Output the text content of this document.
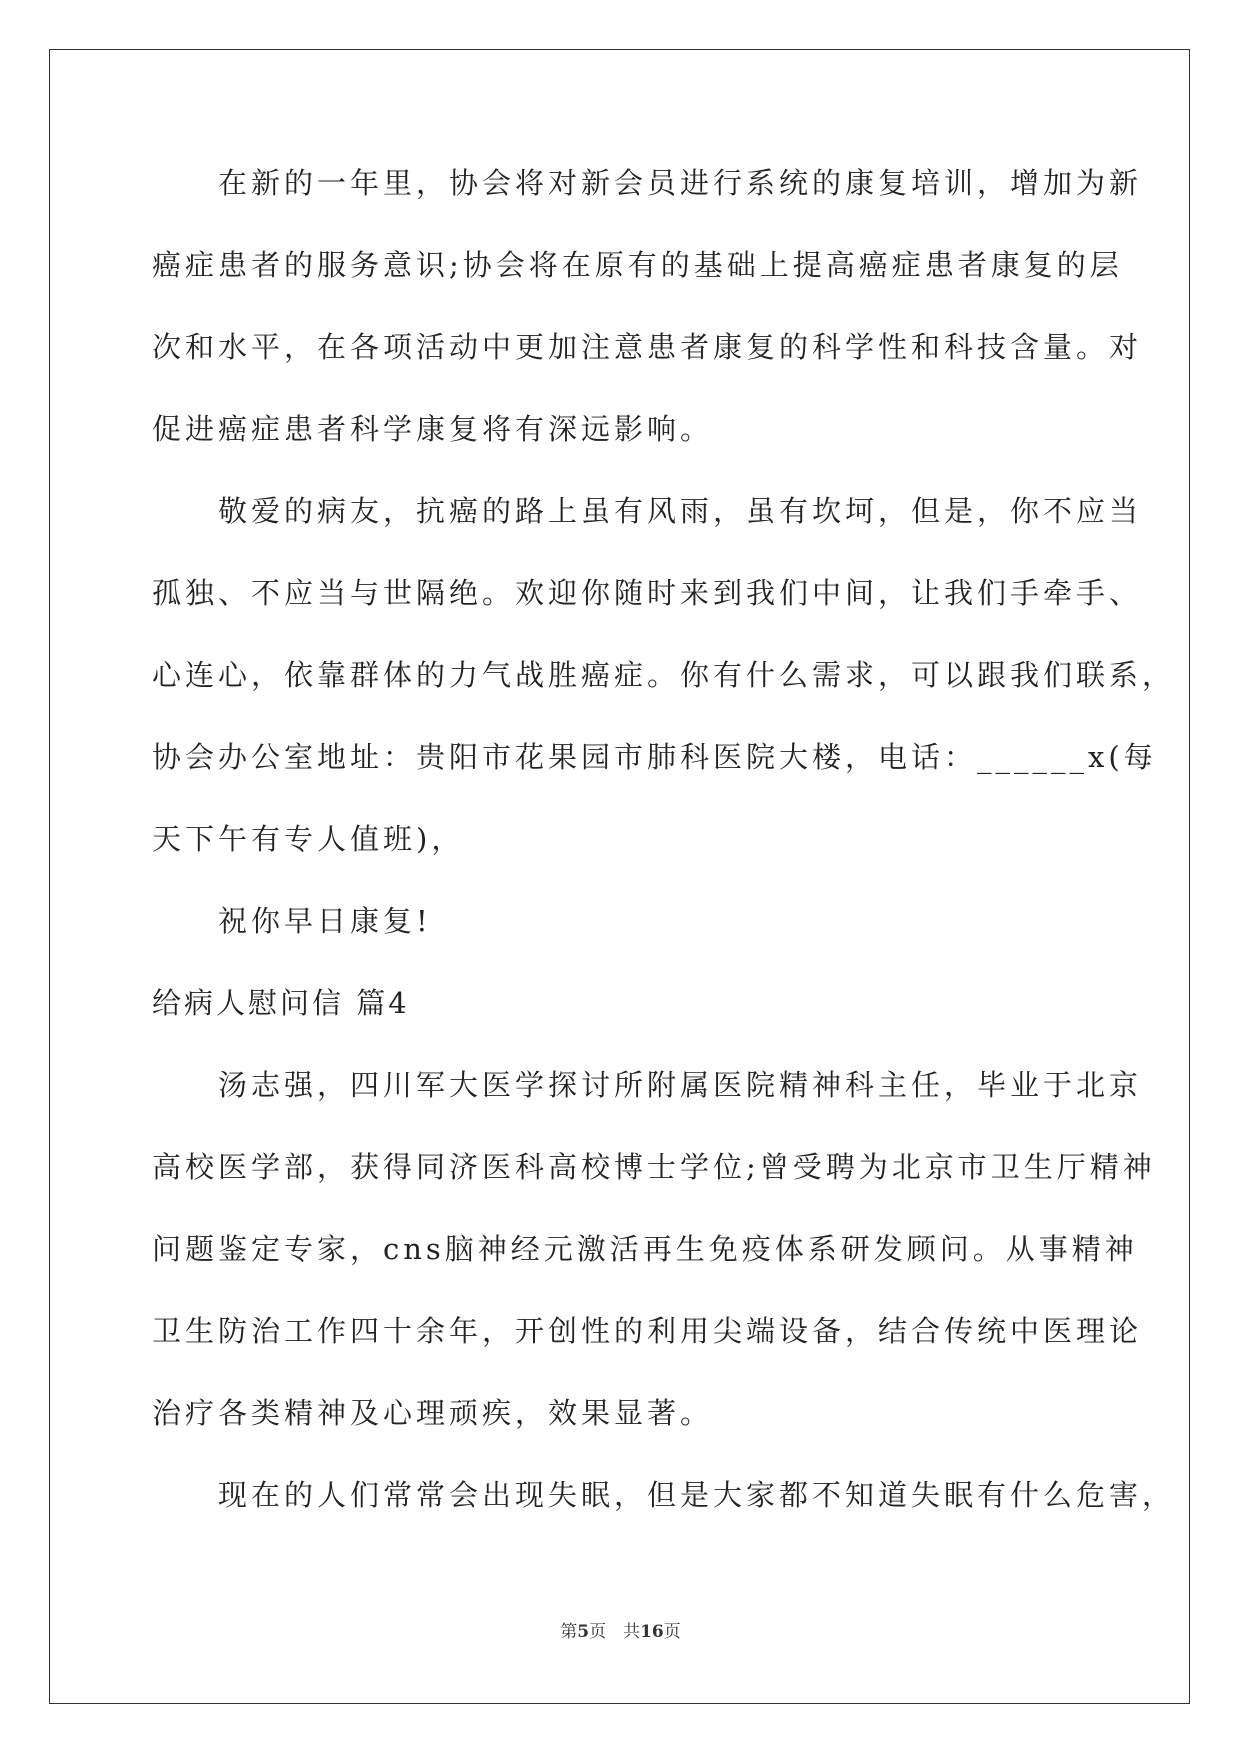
　　在新的一年里，协会将对新会员进行系统的康复培训，增加为新
癌症患者的服务意识;协会将在原有的基础上提高癌症患者康复的层
次和水平，在各项活动中更加注意患者康复的科学性和科技含量。对
促进癌症患者科学康复将有深远影响。
　　敬爱的病友，抗癌的路上虽有风雨，虽有坎坷，但是，你不应当
孤独、不应当与世隔绝。欢迎你随时来到我们中间，让我们手牵手、
心连心，依靠群体的力气战胜癌症。你有什么需求，可以跟我们联系，
协会办公室地址：贵阳市花果园市肺科医院大楼，电话：______x(每
天下午有专人值班)，
　　祝你早日康复!
给病人慰问信 篇4
　　汤志强，四川军大医学探讨所附属医院精神科主任，毕业于北京
高校医学部，获得同济医科高校博士学位;曾受聘为北京市卫生厅精神
问题鉴定专家，cns脑神经元激活再生免疫体系研发顾问。从事精神
卫生防治工作四十余年，开创性的利用尖端设备，结合传统中医理论
治疗各类精神及心理顽疾，效果显著。
　　现在的人们常常会出现失眠，但是大家都不知道失眠有什么危害，
第5页　共16页
